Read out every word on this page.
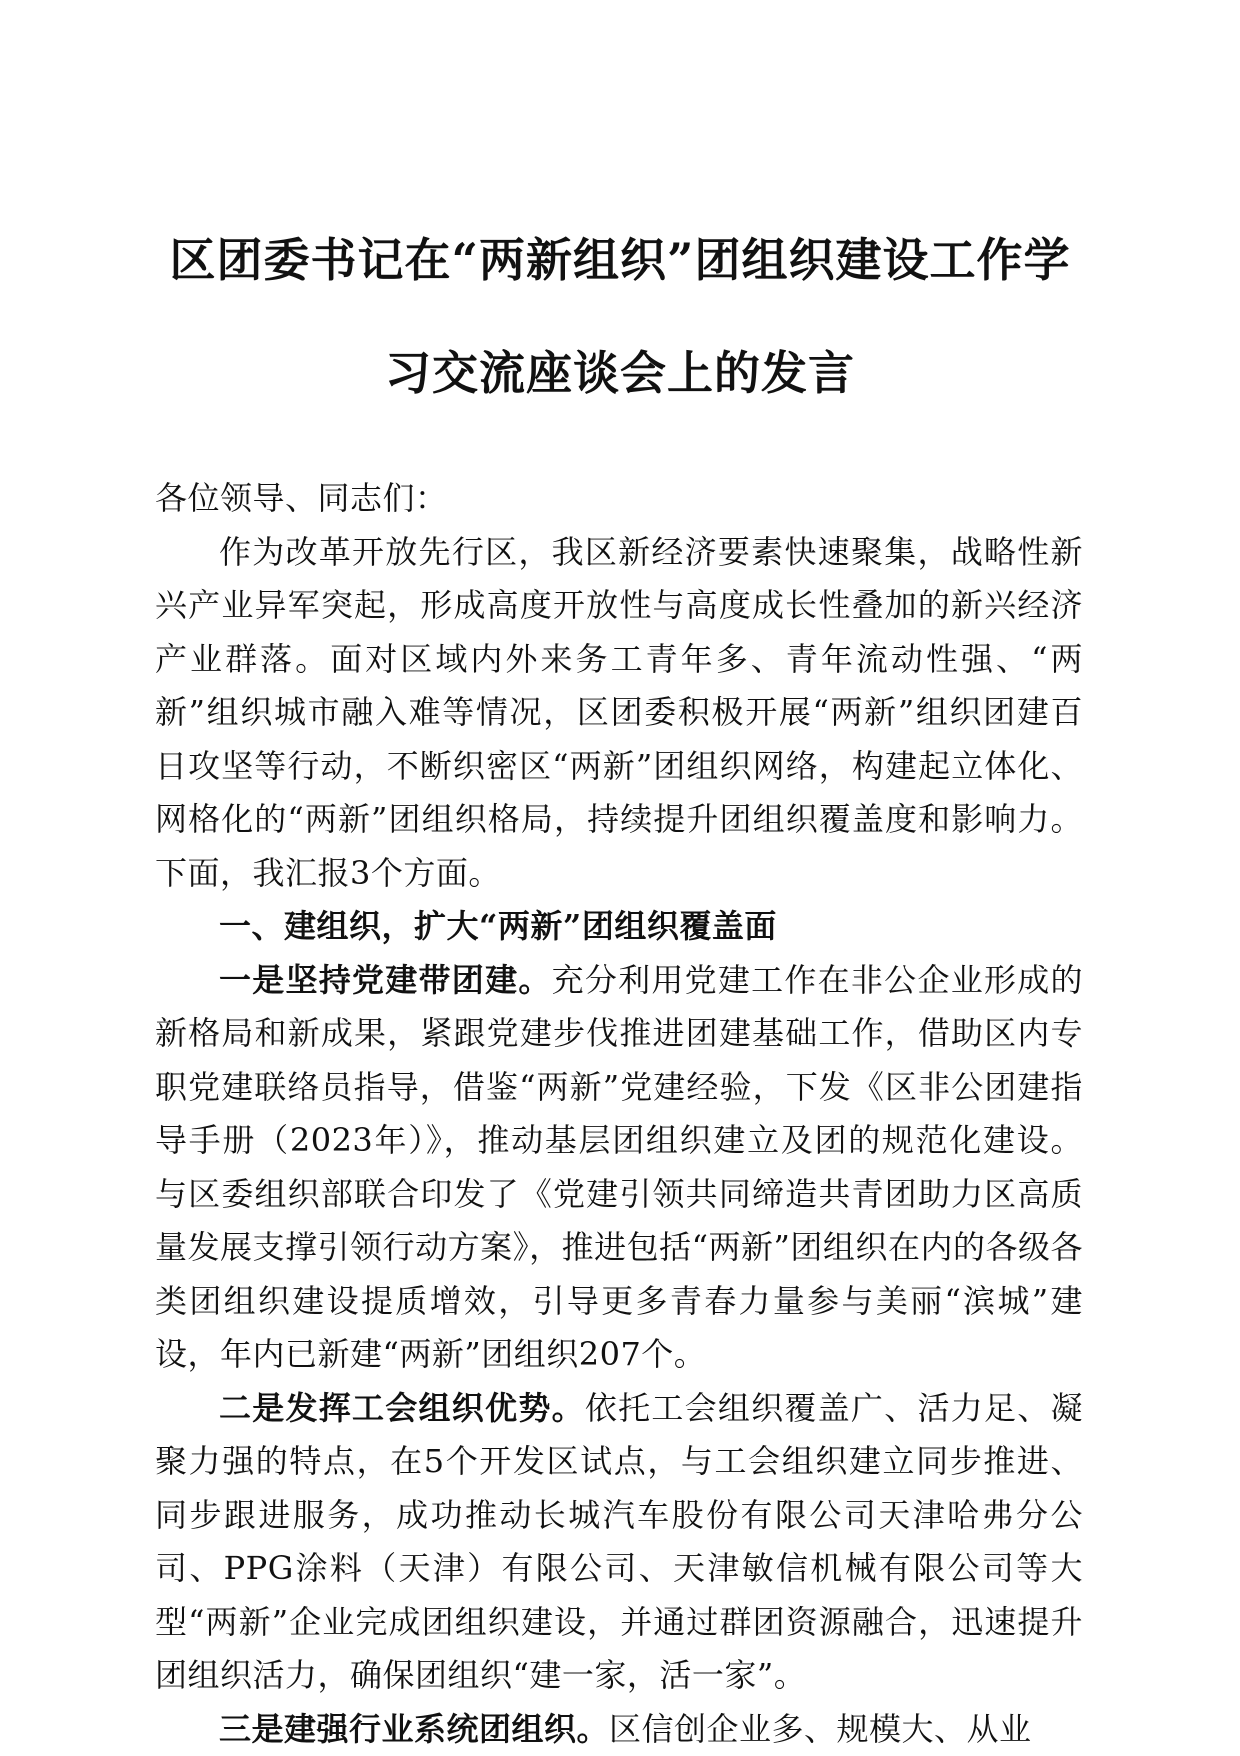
区团委书记在“两新组织”团组织建设工作学
习交流座谈会上的发言

各位领导、同志们：

作为改革开放先行区，我区新经济要素快速聚集，战略性新兴产业异军突起，形成高度开放性与高度成长性叠加的新兴经济产业群落。面对区域内外来务工青年多、青年流动性强、“两新”组织城市融入难等情况，区团委积极开展“两新”组织团建百日攻坚等行动，不断织密区“两新”团组织网络，构建起立体化、网格化的“两新”团组织格局，持续提升团组织覆盖度和影响力。下面，我汇报3个方面。

一、建组织，扩大“两新”团组织覆盖面

一是坚持党建带团建。充分利用党建工作在非公企业形成的新格局和新成果，紧跟党建步伐推进团建基础工作，借助区内专职党建联络员指导，借鉴“两新”党建经验，下发《区非公团建指导手册（2023年）》，推动基层团组织建立及团的规范化建设。与区委组织部联合印发了《党建引领共同缔造共青团助力区高质量发展支撑引领行动方案》，推进包括“两新”团组织在内的各级各类团组织建设提质增效，引导更多青春力量参与美丽“滨城”建设，年内已新建“两新”团组织207个。

二是发挥工会组织优势。依托工会组织覆盖广、活力足、凝聚力强的特点，在5个开发区试点，与工会组织建立同步推进、同步跟进服务，成功推动长城汽车股份有限公司天津哈弗分公司、PPG涂料（天津）有限公司、天津敏信机械有限公司等大型“两新”企业完成团组织建设，并通过群团资源融合，迅速提升团组织活力，确保团组织“建一家，活一家”。

三是建强行业系统团组织。区信创企业多、规模大、从业
